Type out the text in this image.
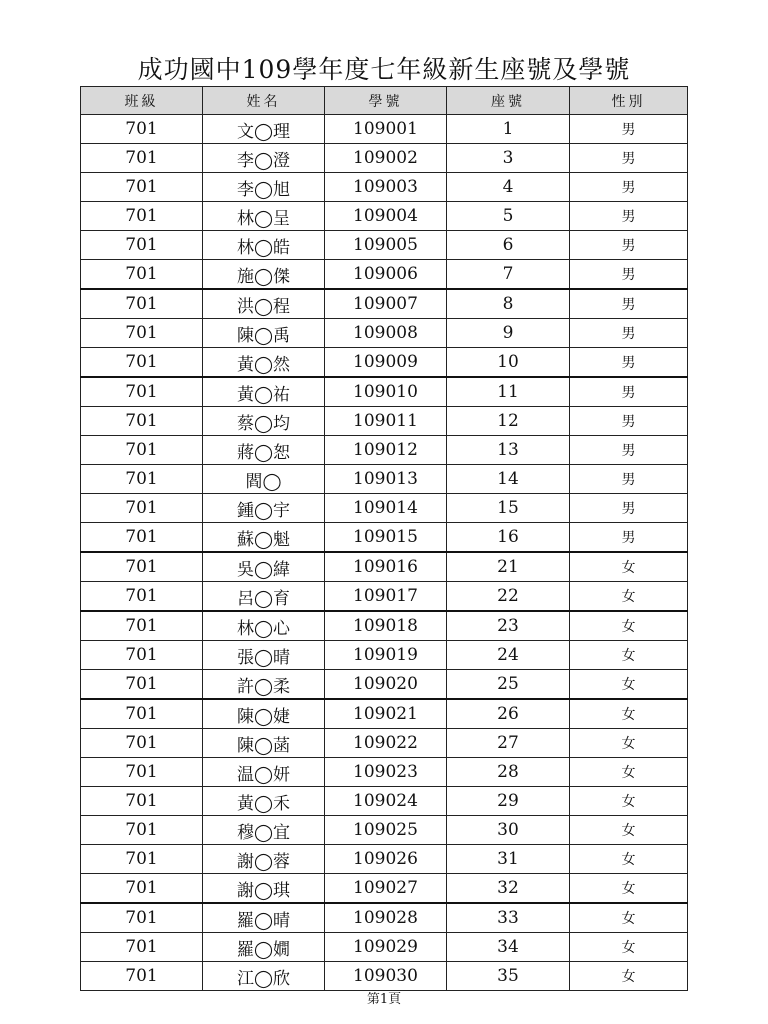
成功國中109學年度七年級新生座號及學號
班級	姓名	學號	座號	性別
701	文◯理	109001	1	男
701	李◯澄	109002	3	男
701	李◯旭	109003	4	男
701	林◯呈	109004	5	男
701	林◯皓	109005	6	男
701	施◯傑	109006	7	男
701	洪◯程	109007	8	男
701	陳◯禹	109008	9	男
701	黃◯然	109009	10	男
701	黃◯祐	109010	11	男
701	蔡◯均	109011	12	男
701	蔣◯恕	109012	13	男
701	閻◯	109013	14	男
701	鍾◯宇	109014	15	男
701	蘇◯魁	109015	16	男
701	吳◯緯	109016	21	女
701	呂◯育	109017	22	女
701	林◯心	109018	23	女
701	張◯晴	109019	24	女
701	許◯柔	109020	25	女
701	陳◯婕	109021	26	女
701	陳◯菡	109022	27	女
701	温◯妍	109023	28	女
701	黃◯禾	109024	29	女
701	穆◯宜	109025	30	女
701	謝◯蓉	109026	31	女
701	謝◯琪	109027	32	女
701	羅◯晴	109028	33	女
701	羅◯嫺	109029	34	女
701	江◯欣	109030	35	女
第1頁
